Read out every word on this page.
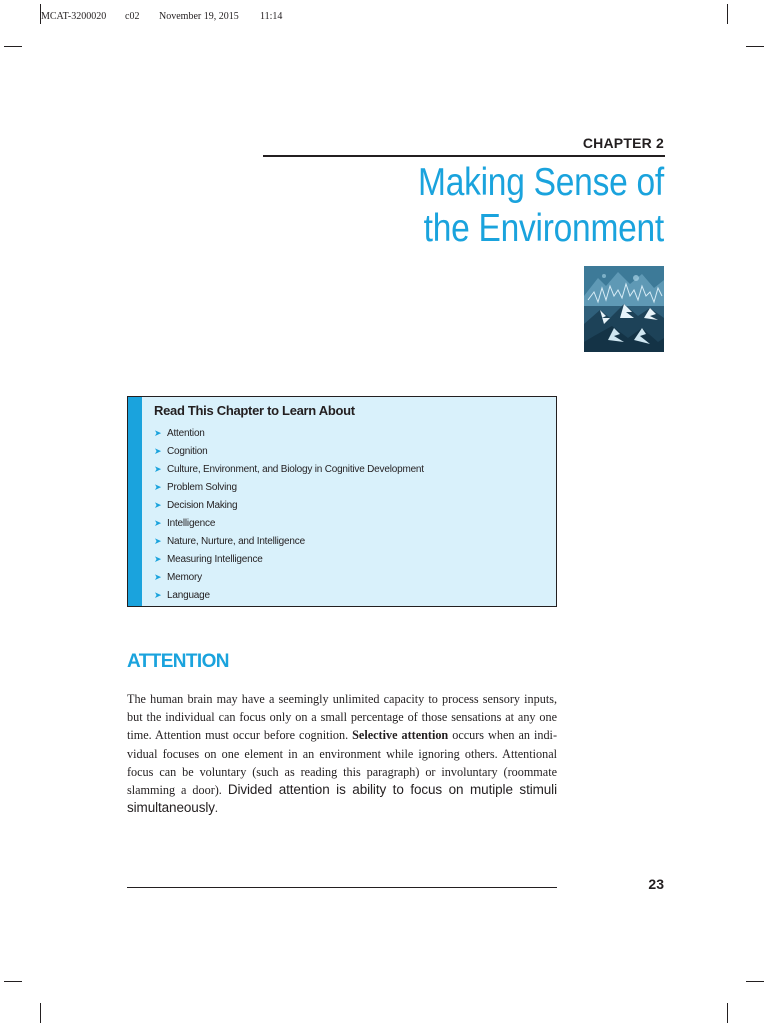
MCAT-3200020 c02 November 19, 2015 11:14
CHAPTER 2
Making Sense of
the Environment
Read This Chapter to Learn About
➤ Attention
➤ Cognition
➤ Culture, Environment, and Biology in Cognitive Development
➤ Problem Solving
➤ Decision Making
➤ Intelligence
➤ Nature, Nurture, and Intelligence
➤ Measuring Intelligence
➤ Memory
➤ Language
ATTENTION
The human brain may have a seemingly unlimited capacity to process sensory inputs,
but the individual can focus only on a small percentage of those sensations at any one
time. Attention must occur before cognition. Selective attention occurs when an indi-
vidual focuses on one element in an environment while ignoring others. Attentional
focus can be voluntary (such as reading this paragraph) or involuntary (roommate
slamming a door). Divided attention is ability to focus on mutiple stimuli simultaneously.
23
